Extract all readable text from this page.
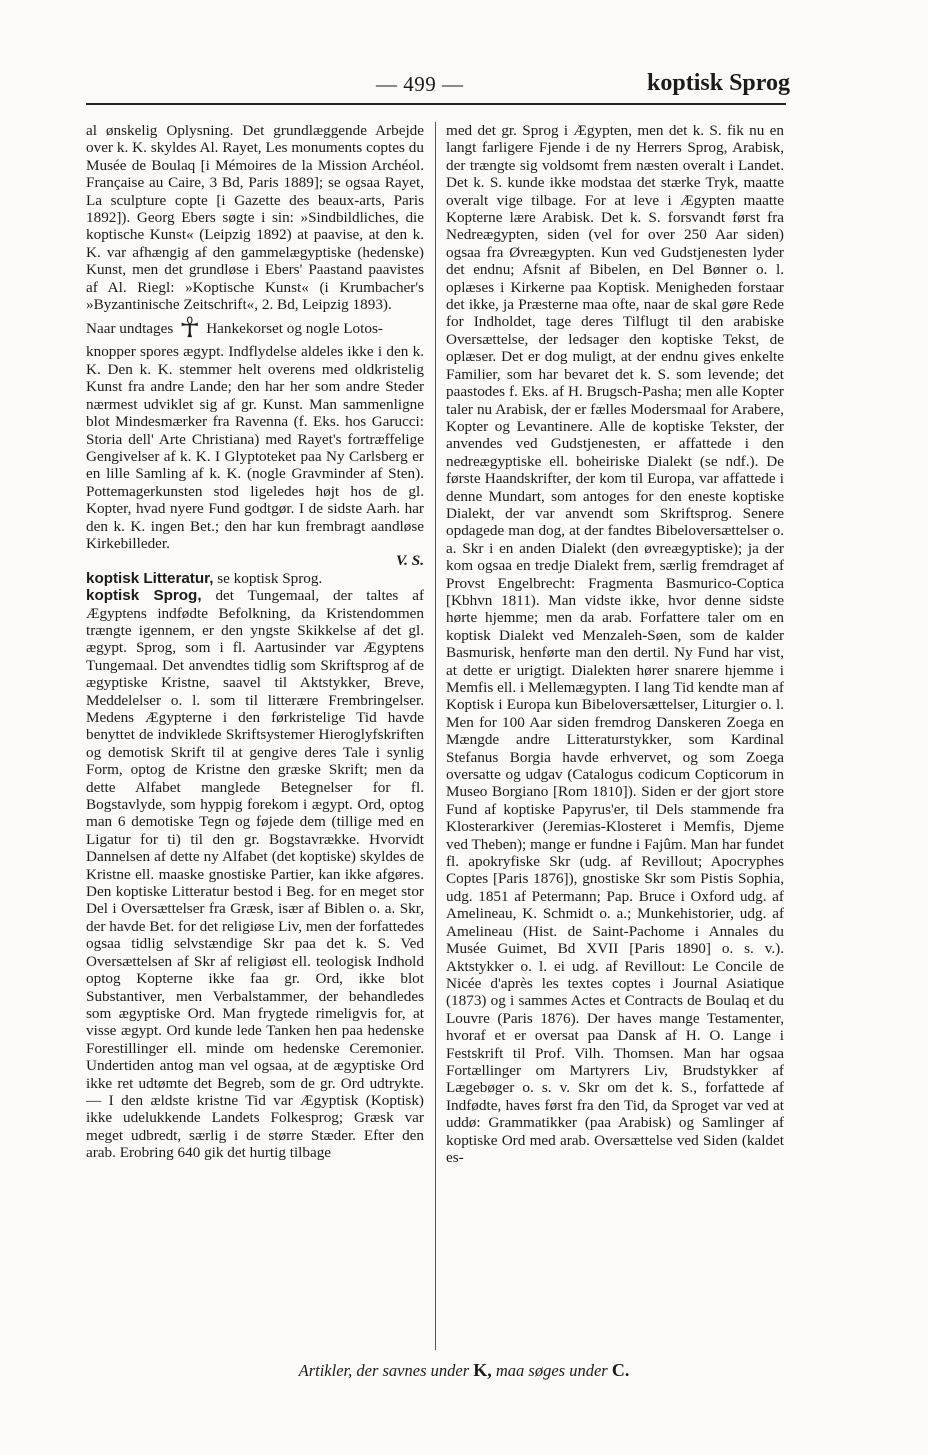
— 499 —	koptisk Sprog

al ønskelig Oplysning. Det grundlæggende Arbejde over k. K. skyldes Al. Rayet, Les monuments coptes du Musée de Boulaq [i Mémoires de la Mission Archéol. Française au Caire, 3 Bd, Paris 1889]; se ogsaa Rayet, La sculpture copte [i Gazette des beaux-arts, Paris 1892]). Georg Ebers søgte i sin: »Sindbildliches, die koptische Kunst« (Leipzig 1892) at paavise, at den k. K. var afhængig af den gammelægyptiske (hedenske) Kunst, men det grundløse i Ebers' Paastand paavistes af Al. Riegl: »Koptische Kunst« (i Krumbacher's »Byzantinische Zeitschrift«, 2. Bd, Leipzig 1893).

Naar undtages ☥ Hankekorset og nogle Lotos-

knopper spores ægypt. Indflydelse aldeles ikke i den k. K. Den k. K. stemmer helt overens med oldkristelig Kunst fra andre Lande; den har her som andre Steder nærmest udviklet sig af gr. Kunst. Man sammenligne blot Mindesmærker fra Ravenna (f. Eks. hos Garucci: Storia dell' Arte Christiana) med Rayet's fortræffelige Gengivelser af k. K. I Glyptoteket paa Ny Carlsberg er en lille Samling af k. K. (nogle Gravminder af Sten). Pottemagerkunsten stod ligeledes højt hos de gl. Kopter, hvad nyere Fund godtgør. I de sidste Aarh. har den k. K. ingen Bet.; den har kun frembragt aandløse Kirkebilleder.
V. S.

koptisk Litteratur, se koptisk Sprog.

koptisk Sprog, det Tungemaal, der taltes af Ægyptens indfødte Befolkning, da Kristendommen trængte igennem, er den yngste Skikkelse af det gl. ægypt. Sprog, som i fl. Aartusinder var Ægyptens Tungemaal. Det anvendtes tidlig som Skriftsprog af de ægyptiske Kristne, saavel til Aktstykker, Breve, Meddelelser o. l. som til litterære Frembringelser. Medens Ægypterne i den førkristelige Tid havde benyttet de indviklede Skriftsystemer Hieroglyfskriften og demotisk Skrift til at gengive deres Tale i synlig Form, optog de Kristne den græske Skrift; men da dette Alfabet manglede Betegnelser for fl. Bogstavlyde, som hyppig forekom i ægypt. Ord, optog man 6 demotiske Tegn og føjede dem (tillige med en Ligatur for ti) til den gr. Bogstavrække. Hvorvidt Dannelsen af dette ny Alfabet (det koptiske) skyldes de Kristne ell. maaske gnostiske Partier, kan ikke afgøres. Den koptiske Litteratur bestod i Beg. for en meget stor Del i Oversættelser fra Græsk, især af Biblen o. a. Skr, der havde Bet. for det religiøse Liv, men der forfattedes ogsaa tidlig selvstændige Skr paa det k. S. Ved Oversættelsen af Skr af religiøst ell. teologisk Indhold optog Kopterne ikke faa gr. Ord, ikke blot Substantiver, men Verbalstammer, der behandledes som ægyptiske Ord. Man frygtede rimeligvis for, at visse ægypt. Ord kunde lede Tanken hen paa hedenske Forestillinger ell. minde om hedenske Ceremonier. Undertiden antog man vel ogsaa, at de ægyptiske Ord ikke ret udtømte det Begreb, som de gr. Ord udtrykte. — I den ældste kristne Tid var Ægyptisk (Koptisk) ikke udelukkende Landets Folkesprog; Græsk var meget udbredt, særlig i de større Stæder. Efter den arab. Erobring 640 gik det hurtig tilbage

med det gr. Sprog i Ægypten, men det k. S. fik nu en langt farligere Fjende i de ny Herrers Sprog, Arabisk, der trængte sig voldsomt frem næsten overalt i Landet. Det k. S. kunde ikke modstaa det stærke Tryk, maatte overalt vige tilbage. For at leve i Ægypten maatte Kopterne lære Arabisk. Det k. S. forsvandt først fra Nedreægypten, siden (vel for over 250 Aar siden) ogsaa fra Øvreægypten. Kun ved Gudstjenesten lyder det endnu; Afsnit af Bibelen, en Del Bønner o. l. oplæses i Kirkerne paa Koptisk. Menigheden forstaar det ikke, ja Præsterne maa ofte, naar de skal gøre Rede for Indholdet, tage deres Tilflugt til den arabiske Oversættelse, der ledsager den koptiske Tekst, de oplæser. Det er dog muligt, at der endnu gives enkelte Familier, som har bevaret det k. S. som levende; det paastodes f. Eks. af H. Brugsch-Pasha; men alle Kopter taler nu Arabisk, der er fælles Modersmaal for Arabere, Kopter og Levantinere. Alle de koptiske Tekster, der anvendes ved Gudstjenesten, er affattede i den nedreægyptiske ell. boheiriske Dialekt (se ndf.). De første Haandskrifter, der kom til Europa, var affattede i denne Mundart, som antoges for den eneste koptiske Dialekt, der var anvendt som Skriftsprog. Senere opdagede man dog, at der fandtes Bibeloversættelser o. a. Skr i en anden Dialekt (den øvreægyptiske); ja der kom ogsaa en tredje Dialekt frem, særlig fremdraget af Provst Engelbrecht: Fragmenta Basmurico-Coptica [Kbhvn 1811). Man vidste ikke, hvor denne sidste hørte hjemme; men da arab. Forfattere taler om en koptisk Dialekt ved Menzaleh-Søen, som de kalder Basmurisk, henførte man den dertil. Ny Fund har vist, at dette er urigtigt. Dialekten hører snarere hjemme i Memfis ell. i Mellemægypten. I lang Tid kendte man af Koptisk i Europa kun Bibeloversættelser, Liturgier o. l. Men for 100 Aar siden fremdrog Danskeren Zoega en Mængde andre Litteraturstykker, som Kardinal Stefanus Borgia havde erhvervet, og som Zoega oversatte og udgav (Catalogus codicum Copticorum in Museo Borgiano [Rom 1810]). Siden er der gjort store Fund af koptiske Papyrus'er, til Dels stammende fra Klosterarkiver (Jeremias-Klosteret i Memfis, Djeme ved Theben); mange er fundne i Fajûm. Man har fundet fl. apokryfiske Skr (udg. af Revillout; Apocryphes Coptes [Paris 1876]), gnostiske Skr som Pistis Sophia, udg. 1851 af Petermann; Pap. Bruce i Oxford udg. af Amelineau, K. Schmidt o. a.; Munkehistorier, udg. af Amelineau (Hist. de Saint-Pachome i Annales du Musée Guimet, Bd XVII [Paris 1890] o. s. v.). Aktstykker o. l. ei udg. af Revillout: Le Concile de Nicée d'après les textes coptes i Journal Asiatique (1873) og i sammes Actes et Contracts de Boulaq et du Louvre (Paris 1876). Der haves mange Testamenter, hvoraf et er oversat paa Dansk af H. O. Lange i Festskrift til Prof. Vilh. Thomsen. Man har ogsaa Fortællinger om Martyrers Liv, Brudstykker af Lægebøger o. s. v. Skr om det k. S., forfattede af Indfødte, haves først fra den Tid, da Sproget var ved at uddø: Grammatikker (paa Arabisk) og Samlinger af koptiske Ord med arab. Oversættelse ved Siden (kaldet es-

Artikler, der savnes under K, maa søges under C.
